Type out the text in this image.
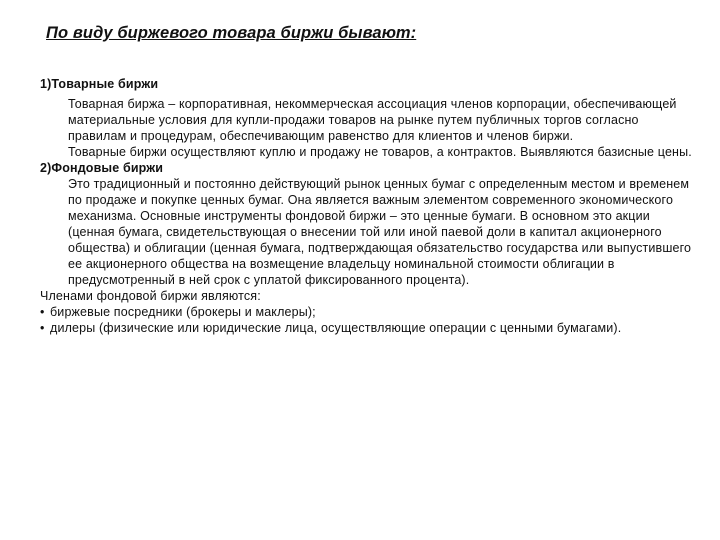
По виду биржевого товара биржи бывают:

1)Товарные биржи

Товарная биржа – корпоративная, некоммерческая ассоциация членов корпорации, обеспечивающей материальные условия для купли-продажи товаров на рынке путем публичных торгов согласно правилам и процедурам, обеспечивающим равенство для клиентов и членов биржи.

Товарные биржи осуществляют куплю и продажу не товаров, а контрактов. Выявляются базисные цены.

2)Фондовые биржи

Это традиционный и постоянно действующий рынок ценных бумаг с определенным местом и временем по продаже и покупке ценных бумаг. Она является важным элементом современного экономического механизма. Основные инструменты фондовой биржи – это ценные бумаги. В основном это акции (ценная бумага, свидетельствующая о внесении той или иной паевой доли в капитал акционерного общества) и облигации (ценная бумага, подтверждающая обязательство государства или выпустившего ее акционерного общества на возмещение владельцу номинальной стоимости облигации в предусмотренный в ней срок с уплатой фиксированного процента).

Членами фондовой биржи являются:

• биржевые посредники (брокеры и маклеры);

• дилеры (физические или юридические лица, осуществляющие операции с ценными бумагами).
